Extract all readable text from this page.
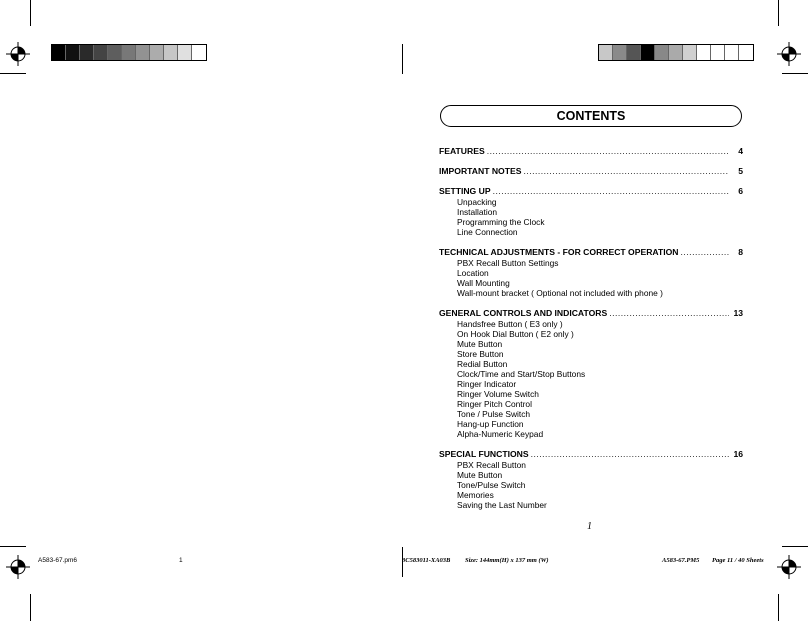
CONTENTS
FEATURES .....	4
IMPORTANT NOTES .....	5
SETTING UP .....	6
Unpacking
Installation
Programming the Clock
Line Connection
TECHNICAL ADJUSTMENTS - FOR CORRECT OPERATION .....	8
PBX Recall Button Settings
Location
Wall Mounting
Wall-mount bracket ( Optional not included with phone )
GENERAL CONTROLS AND INDICATORS .....	13
Handsfree Button ( E3 only )
On Hook Dial Button ( E2 only )
Mute Button
Store Button
Redial Button
Clock/Time and Start/Stop Buttons
Ringer Indicator
Ringer Volume Switch
Ringer Pitch Control
Tone / Pulse Switch
Hang-up Function
Alpha-Numeric Keypad
SPECIAL FUNCTIONS .....	16
PBX Recall Button
Mute Button
Tone/Pulse Switch
Memories
Saving the Last Number
1
A583-67.pm6	1	3C583011-XA03B Size: 144mm(H) x 137 mm (W)	A583-67.PM5 Page 11 / 40 Sheets
